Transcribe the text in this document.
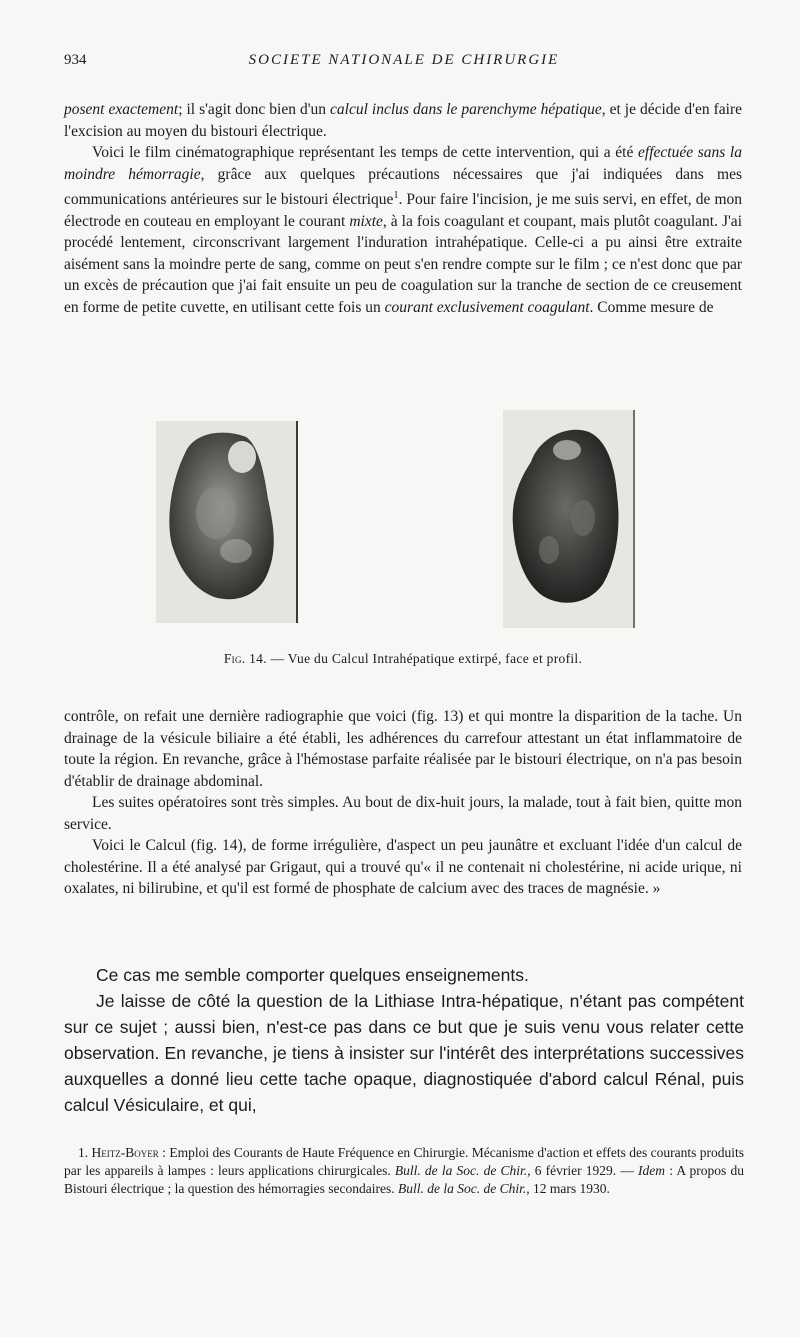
934	SOCIETE NATIONALE DE CHIRURGIE

posent exactement; il s'agit donc bien d'un calcul inclus dans le parenchyme hépatique, et je décide d'en faire l'excision au moyen du bistouri électrique.

Voici le film cinématographique représentant les temps de cette intervention, qui a été effectuée sans la moindre hémorragie, grâce aux quelques précautions nécessaires que j'ai indiquées dans mes communications antérieures sur le bistouri électrique$^1$. Pour faire l'incision, je me suis servi, en effet, de mon électrode en couteau en employant le courant mixte, à la fois coagulant et coupant, mais plutôt coagulant. J'ai procédé lentement, circonscrivant largement l'induration intrahépatique. Celle-ci a pu ainsi être extraite aisément sans la moindre perte de sang, comme on peut s'en rendre compte sur le film ; ce n'est donc que par un excès de précaution que j'ai fait ensuite un peu de coagulation sur la tranche de section de ce creusement en forme de petite cuvette, en utilisant cette fois un courant exclusivement coagulant. Comme mesure de

Fig. 14. — Vue du Calcul Intrahépatique extirpé, face et profil.

contrôle, on refait une dernière radiographie que voici (fig. 13) et qui montre la disparition de la tache. Un drainage de la vésicule biliaire a été établi, les adhérences du carrefour attestant un état inflammatoire de toute la région. En revanche, grâce à l'hémostase parfaite réalisée par le bistouri électrique, on n'a pas besoin d'établir de drainage abdominal.

Les suites opératoires sont très simples. Au bout de dix-huit jours, la malade, tout à fait bien, quitte mon service.

Voici le Calcul (fig. 14), de forme irrégulière, d'aspect un peu jaunâtre et excluant l'idée d'un calcul de cholestérine. Il a été analysé par Grigaut, qui a trouvé qu'« il ne contenait ni cholestérine, ni acide urique, ni oxalates, ni bilirubine, et qu'il est formé de phosphate de calcium avec des traces de magnésie. »

Ce cas me semble comporter quelques enseignements.

Je laisse de côté la question de la Lithiase Intra-hépatique, n'étant pas compétent sur ce sujet ; aussi bien, n'est-ce pas dans ce but que je suis venu vous relater cette observation. En revanche, je tiens à insister sur l'intérêt des interprétations successives auxquelles a donné lieu cette tache opaque, diagnostiquée d'abord calcul Rénal, puis calcul Vésiculaire, et qui,

1. Heitz-Boyer : Emploi des Courants de Haute Fréquence en Chirurgie. Mécanisme d'action et effets des courants produits par les appareils à lampes : leurs applications chirurgicales. Bull. de la Soc. de Chir., 6 février 1929. — Idem : A propos du Bistouri électrique ; la question des hémorragies secondaires. Bull. de la Soc. de Chir., 12 mars 1930.
